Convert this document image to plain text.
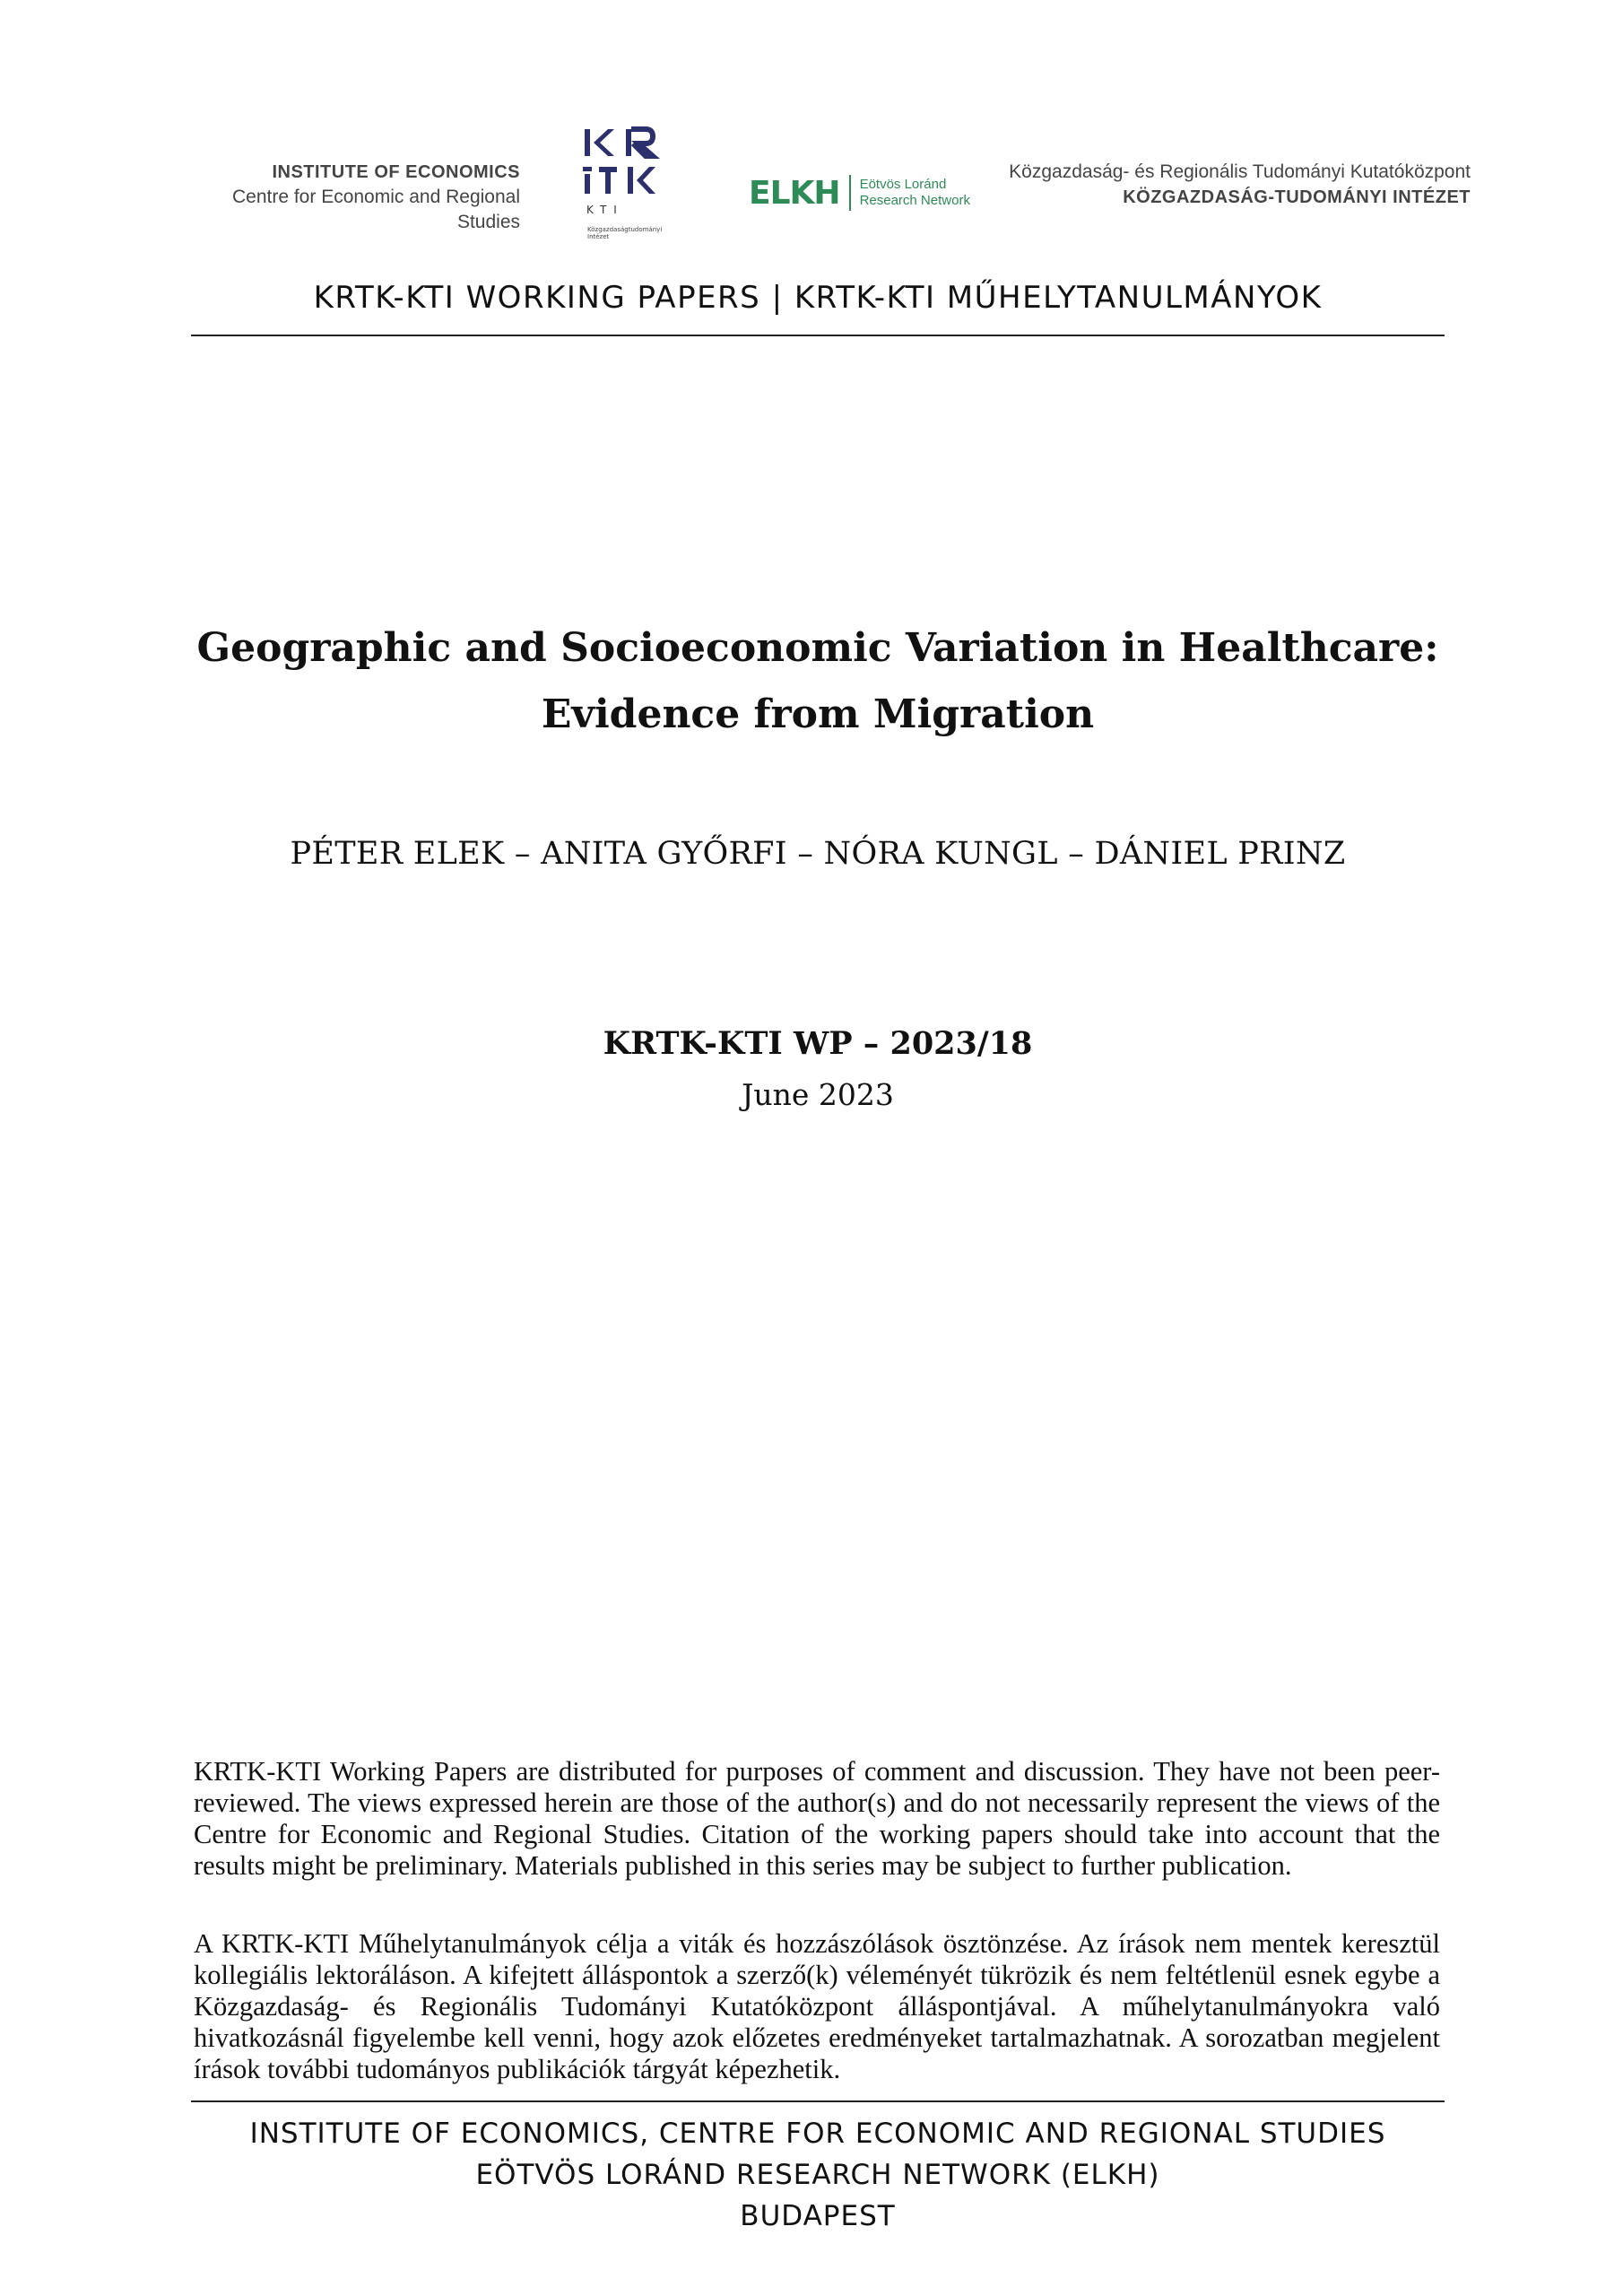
INSTITUTE OF ECONOMICS
Centre for Economic and Regional Studies
KTI
Közgazdaságtudományi Intézet
ELKH Eötvös Loránd
Research Network
Közgazdaság- és Regionális Tudományi Kutatóközpont
KÖZGAZDASÁG-TUDOMÁNYI INTÉZET
KRTK-KTI WORKING PAPERS | KRTK-KTI MŰHELYTANULMÁNYOK
Geographic and Socioeconomic Variation in Healthcare:
Evidence from Migration
PÉTER ELEK – ANITA GYŐRFI – NÓRA KUNGL – DÁNIEL PRINZ
KRTK-KTI WP – 2023/18
June 2023
KRTK-KTI Working Papers are distributed for purposes of comment and discussion. They have not been peer-reviewed. The views expressed herein are those of the author(s) and do not necessarily represent the views of the Centre for Economic and Regional Studies. Citation of the working papers should take into account that the results might be preliminary. Materials published in this series may be subject to further publication.
A KRTK-KTI Műhelytanulmányok célja a viták és hozzászólások ösztönzése. Az írások nem mentek keresztül kollegiális lektoráláson. A kifejtett álláspontok a szerző(k) véleményét tükrözik és nem feltétlenül esnek egybe a Közgazdaság- és Regionális Tudományi Kutatóközpont álláspontjával. A műhelytanulmányokra való hivatkozásnál figyelembe kell venni, hogy azok előzetes eredményeket tartalmazhatnak. A sorozatban megjelent írások további tudományos publikációk tárgyát képezhetik.
INSTITUTE OF ECONOMICS, CENTRE FOR ECONOMIC AND REGIONAL STUDIES
EÖTVÖS LORÁND RESEARCH NETWORK (ELKH)
BUDAPEST
